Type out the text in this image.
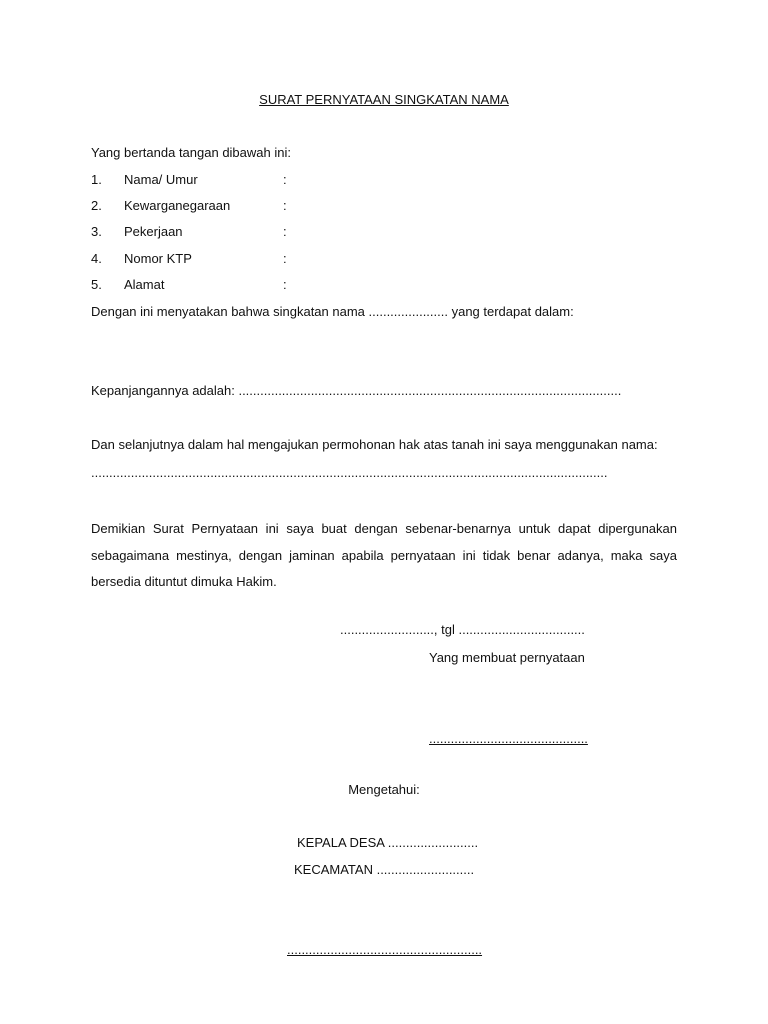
SURAT PERNYATAAN SINGKATAN NAMA
Yang bertanda tangan dibawah ini:
1. Nama/ Umur	:
2. Kewarganegaraan	:
3. Pekerjaan	:
4. Nomor KTP	:
5. Alamat	:
Dengan ini menyatakan bahwa singkatan nama ...................... yang terdapat dalam:
Kepanjangannya adalah: ..........................................................................................................
Dan selanjutnya dalam hal mengajukan permohonan hak atas tanah ini saya menggunakan nama:
...............................................................................................................................................
Demikian Surat Pernyataan ini saya buat dengan sebenar-benarnya untuk dapat dipergunakan
sebagaimana mestinya, dengan jaminan apabila pernyataan ini tidak benar adanya, maka saya
bersedia dituntut dimuka Hakim.
.........................., tgl ...................................
Yang membuat pernyataan
............................................
Mengetahui:
KEPALA DESA .........................
KECAMATAN ...........................
......................................................
